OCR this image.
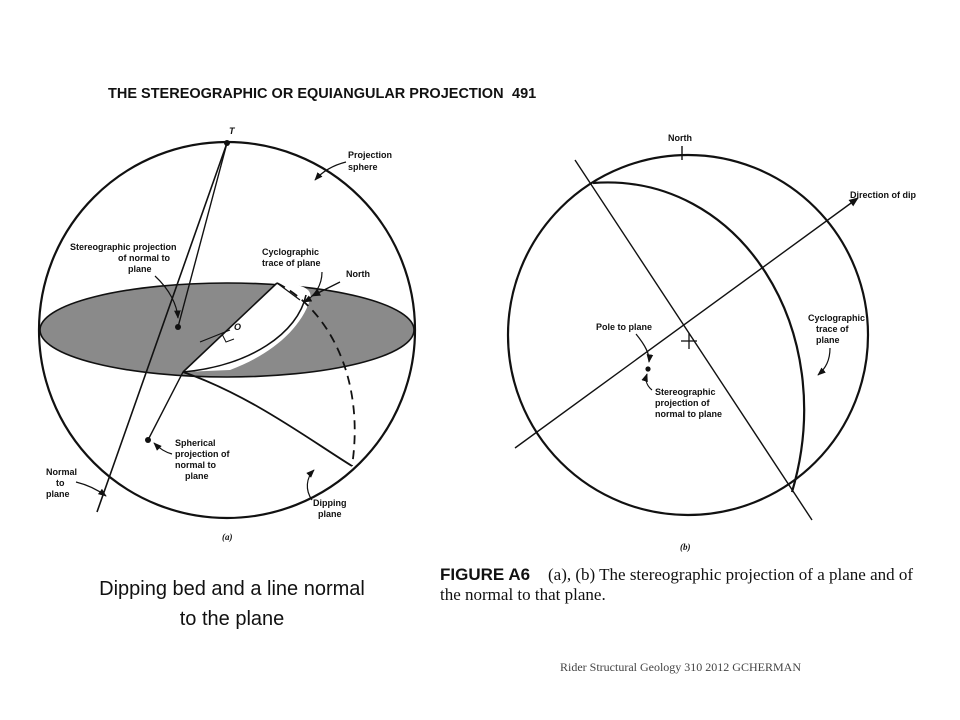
THE STEREOGRAPHIC OR EQUIANGULAR PROJECTION 491
T
O
Projection
sphere
Stereographic projection
of normal to
plane
Cyclographic
trace of plane
North
Spherical
projection of
normal to
plane
Normal
to
plane
Dipping
plane
(a)
North
Direction of dip
Pole to plane
Stereographic
projection of
normal to plane
Cyclographic
trace of
plane
(b)
FIGURE A6 (a), (b) The stereographic projection of a plane and of
the normal to that plane.
Dipping bed and a line normal
to the plane
Rider Structural Geology 310 2012 GCHERMAN
